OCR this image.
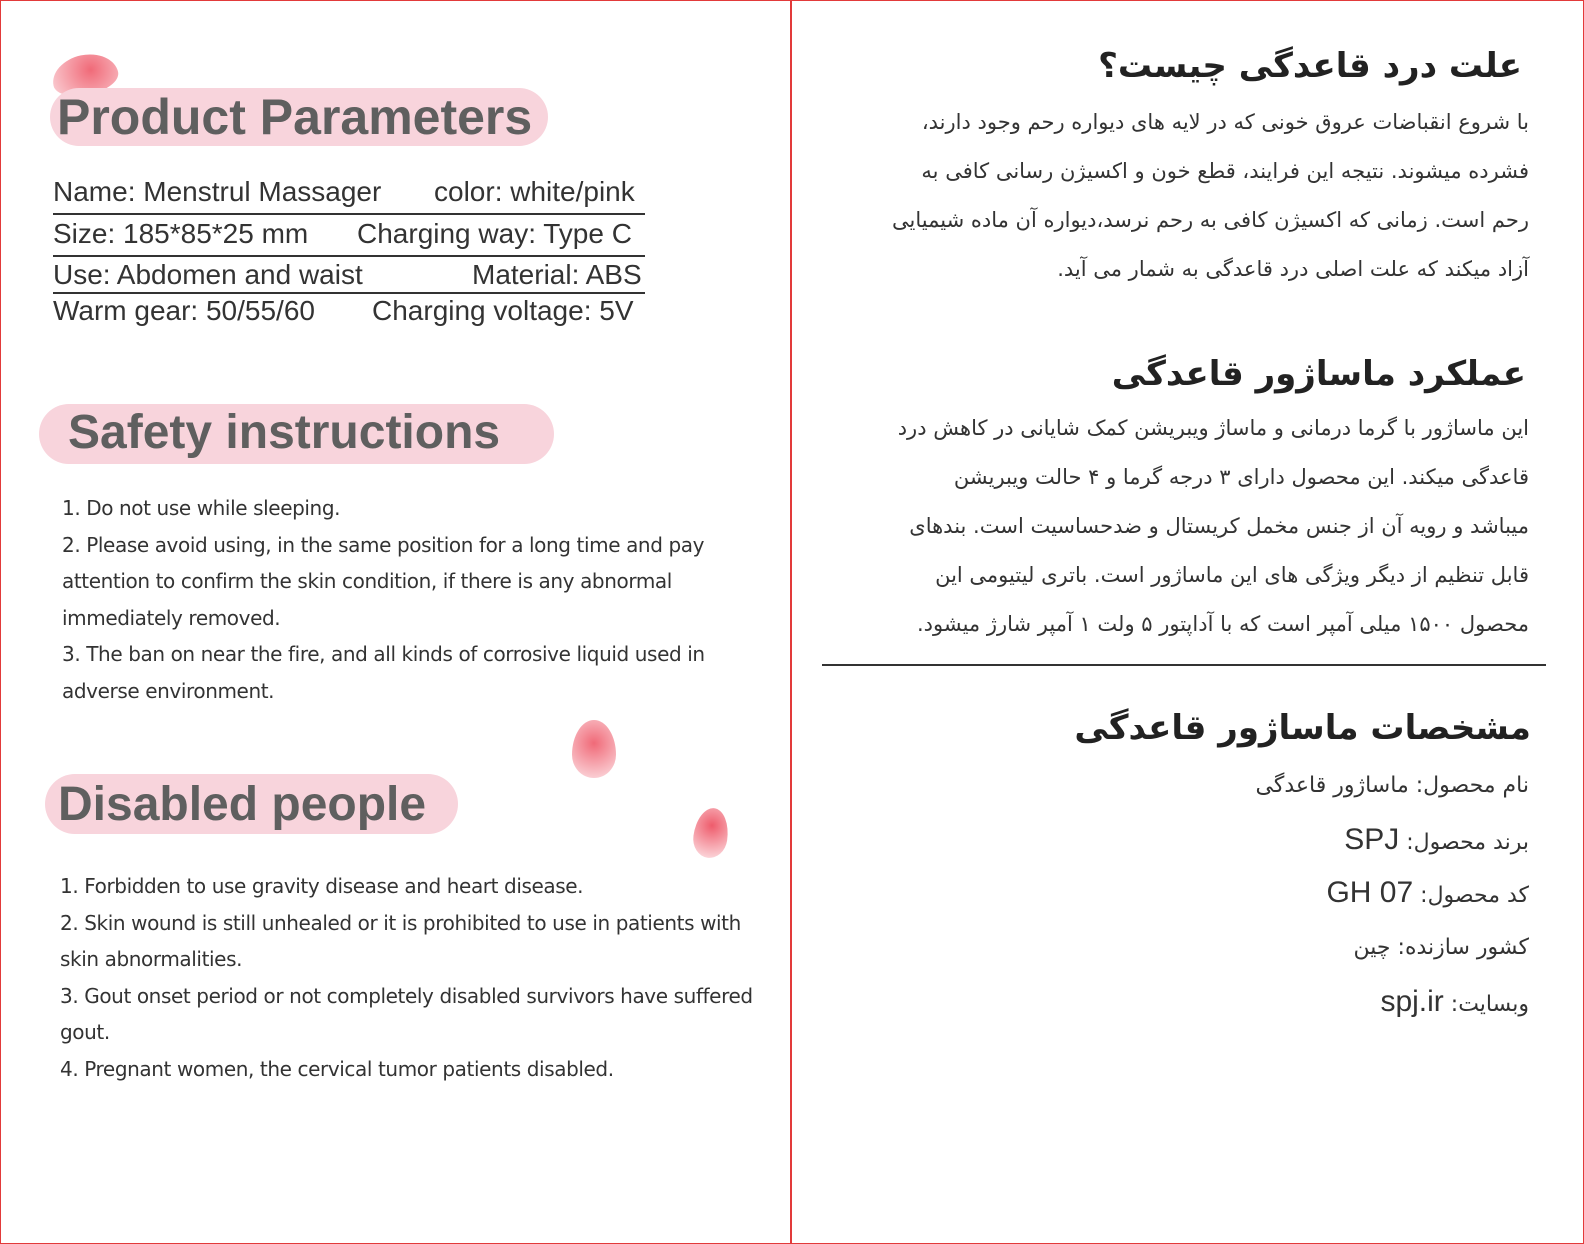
Product Parameters
Name: Menstrul Massager color: white/pink
Size: 185*85*25 mm Charging way: Type C
Use: Abdomen and waist	Material: ABS
Warm gear: 50/55/60 Charging voltage: 5V
Safety instructions
1. Do not use while sleeping.
2. Please avoid using, in the same position for a long time and pay
attention to confirm the skin condition, if there is any abnormal
immediately removed.
3. The ban on near the fire, and all kinds of corrosive liquid used in
adverse environment.
Disabled people
1. Forbidden to use gravity disease and heart disease.
2. Skin wound is still unhealed or it is prohibited to use in patients with
skin abnormalities.
3. Gout onset period or not completely disabled survivors have suffered
gout.
4. Pregnant women, the cervical tumor patients disabled.
علت درد قاعدگی چیست؟
با شروع انقباضات عروق خونی که در لایه های دیواره رحم وجود دارند،
فشرده میشوند. نتیجه این فرایند، قطع خون و اکسیژن رسانی کافی به
رحم است. زمانی که اکسیژن کافی به رحم نرسد،دیواره آن ماده شیمیایی
آزاد میکند که علت اصلی درد قاعدگی به شمار می آید.
عملکرد ماساژور قاعدگی
این ماساژور با گرما درمانی و ماساژ ویبریشن کمک شایانی در کاهش درد
قاعدگی میکند. این محصول دارای ۳ درجه گرما و ۴ حالت ویبریشن
میباشد و رویه آن از جنس مخمل کریستال و ضدحساسیت است. بندهای
قابل تنظیم از دیگر ویژگی های این ماساژور است. باتری لیتیومی این
محصول ۱۵۰۰ میلی آمپر است که با آداپتور ۵ ولت ۱ آمپر شارژ میشود.
مشخصات ماساژور قاعدگی
نام محصول: ماساژور قاعدگی
برند محصول: SPJ
کد محصول: GH 07
کشور سازنده: چین
وبسایت: spj.ir
